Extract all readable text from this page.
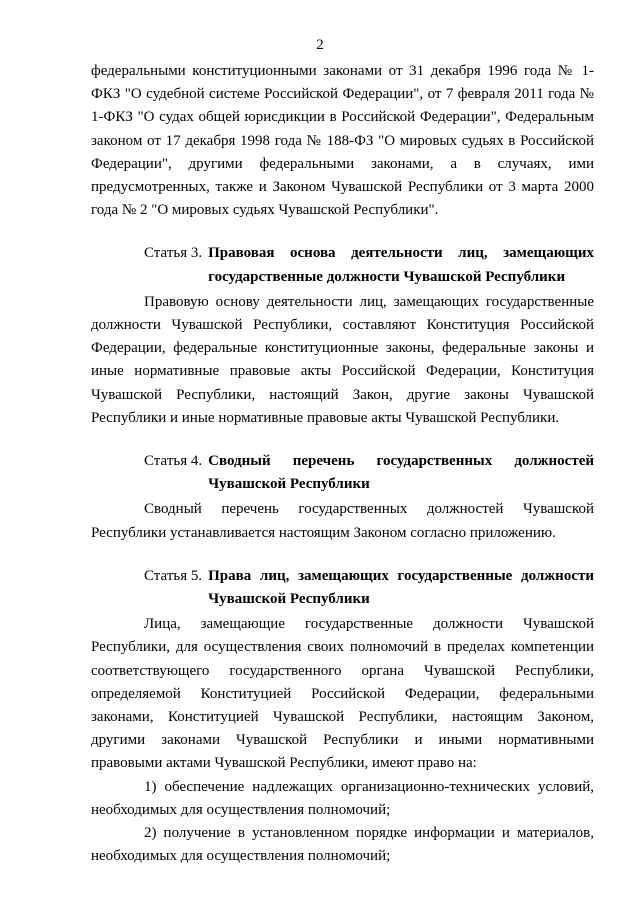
2

федеральными конституционными законами от 31 декабря 1996 года № 1-ФКЗ "О судебной системе Российской Федерации", от 7 февраля 2011 года № 1-ФКЗ "О судах общей юрисдикции в Российской Федерации", Федеральным законом от 17 декабря 1998 года № 188-ФЗ "О мировых судьях в Российской Федерации", другими федеральными законами, а в случаях, ими предусмотренных, также и Законом Чувашской Республики от 3 марта 2000 года № 2 "О мировых судьях Чувашской Республики".

Статья 3. Правовая основа деятельности лиц, замещающих государственные должности Чувашской Республики

Правовую основу деятельности лиц, замещающих государственные должности Чувашской Республики, составляют Конституция Российской Федерации, федеральные конституционные законы, федеральные законы и иные нормативные правовые акты Российской Федерации, Конституция Чувашской Республики, настоящий Закон, другие законы Чувашской Республики и иные нормативные правовые акты Чувашской Республики.

Статья 4. Сводный перечень государственных должностей Чувашской Республики

Сводный перечень государственных должностей Чувашской Республики устанавливается настоящим Законом согласно приложению.

Статья 5. Права лиц, замещающих государственные должности Чувашской Республики

Лица, замещающие государственные должности Чувашской Республики, для осуществления своих полномочий в пределах компетенции соответствующего государственного органа Чувашской Республики, определяемой Конституцией Российской Федерации, федеральными законами, Конституцией Чувашской Республики, настоящим Законом, другими законами Чувашской Республики и иными нормативными правовыми актами Чувашской Республики, имеют право на:

1) обеспечение надлежащих организационно-технических условий, необходимых для осуществления полномочий;

2) получение в установленном порядке информации и материалов, необходимых для осуществления полномочий;
